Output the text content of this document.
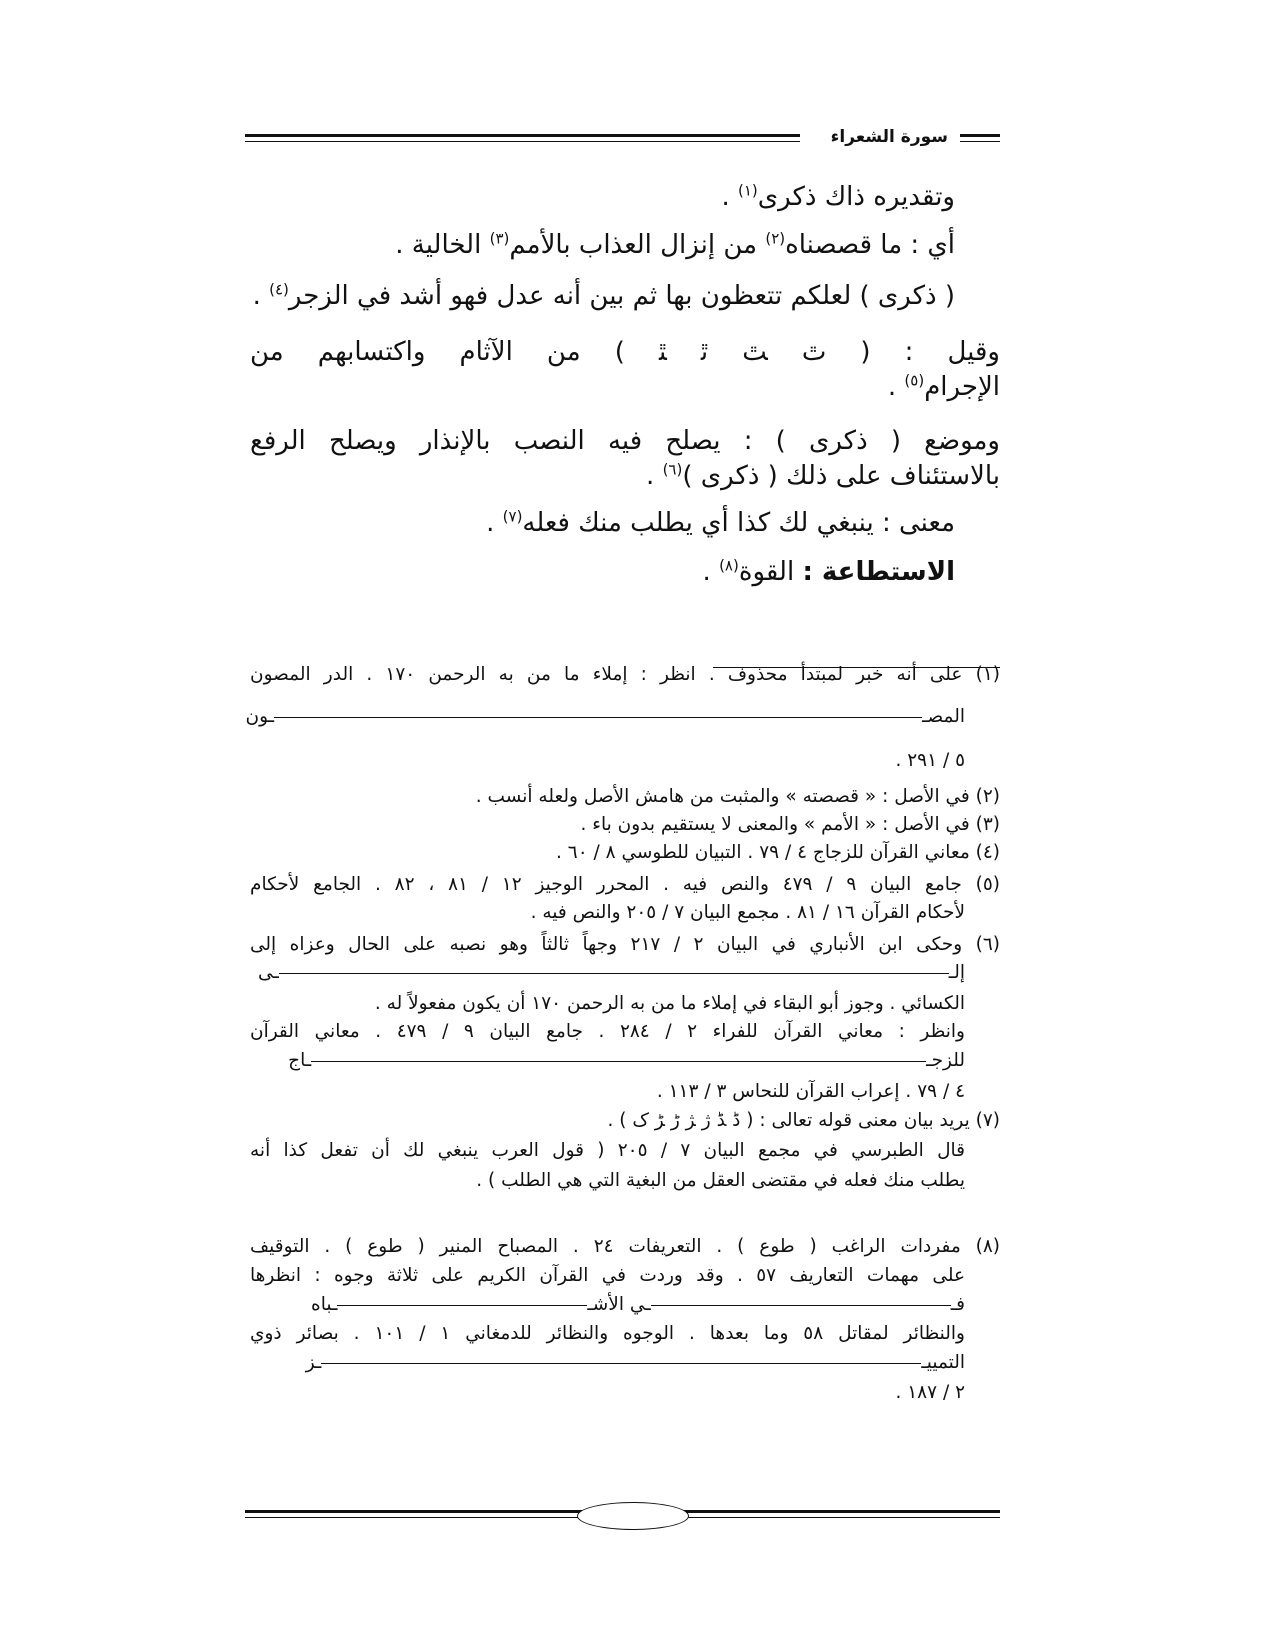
سورة الشعراء
وتقديره ذاك ذكرى$^{(١)}$ .
أي : ما قصصناه$^{(٢)}$ من إنزال العذاب بالأمم$^{(٣)}$ الخالية .
( ذكرى ) لعلكم تتعظون بها ثم بين أنه عدل فهو أشد في الزجر$^{(٤)}$ .
وقيل : ( ﭢ ﭣ ﭤ ﭥ ) من الآثام واكتسابهم من
الإجرام$^{(٥)}$ .
وموضع ( ذكرى ) : يصلح فيه النصب بالإنذار ويصلح الرفع
بالاستئناف على ذلك ( ذكرى )$^{(٦)}$ .
معنى : ينبغي لك كذا أي يطلب منك فعله$^{(٧)}$ .
الاستطاعة : القوة$^{(٨)}$ .
(١) على أنه خبر لمبتدأ محذوف . انظر : إملاء ما من به الرحمن ١٧٠ . الدر المصون
المصــون
٥ / ٢٩١ .
(٢) في الأصل : « قصصته » والمثبت من هامش الأصل ولعله أنسب .
(٣) في الأصل : « الأمم » والمعنى لا يستقيم بدون باء .
(٤) معاني القرآن للزجاج ٤ / ٧٩ . التبيان للطوسي ٨ / ٦٠ .
(٥) جامع البيان ٩ / ٤٧٩ والنص فيه . المحرر الوجيز ١٢ / ٨١ ، ٨٢ . الجامع لأحكام
لأحكام القرآن ١٦ / ٨١ . مجمع البيان ٧ / ٢٠٥ والنص فيه .
(٦) وحكى ابن الأنباري في البيان ٢ / ٢١٧ وجهاً ثالثاً وهو نصبه على الحال وعزاه إلى
إلــى
الكسائي . وجوز أبو البقاء في إملاء ما من به الرحمن ١٧٠ أن يكون مفعولاً له .
وانظر : معاني القرآن للفراء ٢ / ٢٨٤ . جامع البيان ٩ / ٤٧٩ . معاني القرآن
للزجــاج
٤ / ٧٩ . إعراب القرآن للنحاس ٣ / ١١٣ .
(٧) يريد بيان معنى قوله تعالى : ( ﮈ ﮉ ﮊ ﮋ ﮌ ﮍ ﮎ ) .
قال الطبرسي في مجمع البيان ٧ / ٢٠٥ ( قول العرب ينبغي لك أن تفعل كذا أنه
يطلب منك فعله في مقتضى العقل من البغية التي هي الطلب ) .
(٨) مفردات الراغب ( طوع ) . التعريفات ٢٤ . المصباح المنير ( طوع ) . التوقيف
على مهمات التعاريف ٥٧ . وقد وردت في القرآن الكريم على ثلاثة وجوه : انظرها
فــي الأشــباه
والنظائر لمقاتل ٥٨ وما بعدها . الوجوه والنظائر للدمغاني ١ / ١٠١ . بصائر ذوي
التمييــز
٢ / ١٨٧ .
